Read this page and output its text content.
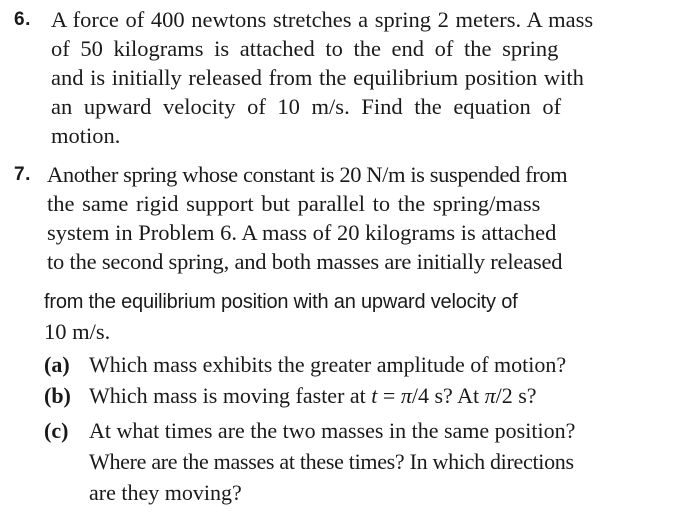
6. A force of 400 newtons stretches a spring 2 meters. A mass
of 50 kilograms is attached to the end of the spring
and is initially released from the equilibrium position with
an upward velocity of 10 m/s. Find the equation of
motion.
7. Another spring whose constant is 20 N/m is suspended from
the same rigid support but parallel to the spring/mass
system in Problem 6. A mass of 20 kilograms is attached
to the second spring, and both masses are initially released
from the equilibrium position with an upward velocity of
10 m/s.
(a) Which mass exhibits the greater amplitude of motion?
(b) Which mass is moving faster at t = π/4 s? At π/2 s?
(c) At what times are the two masses in the same position?
Where are the masses at these times? In which directions
are they moving?
